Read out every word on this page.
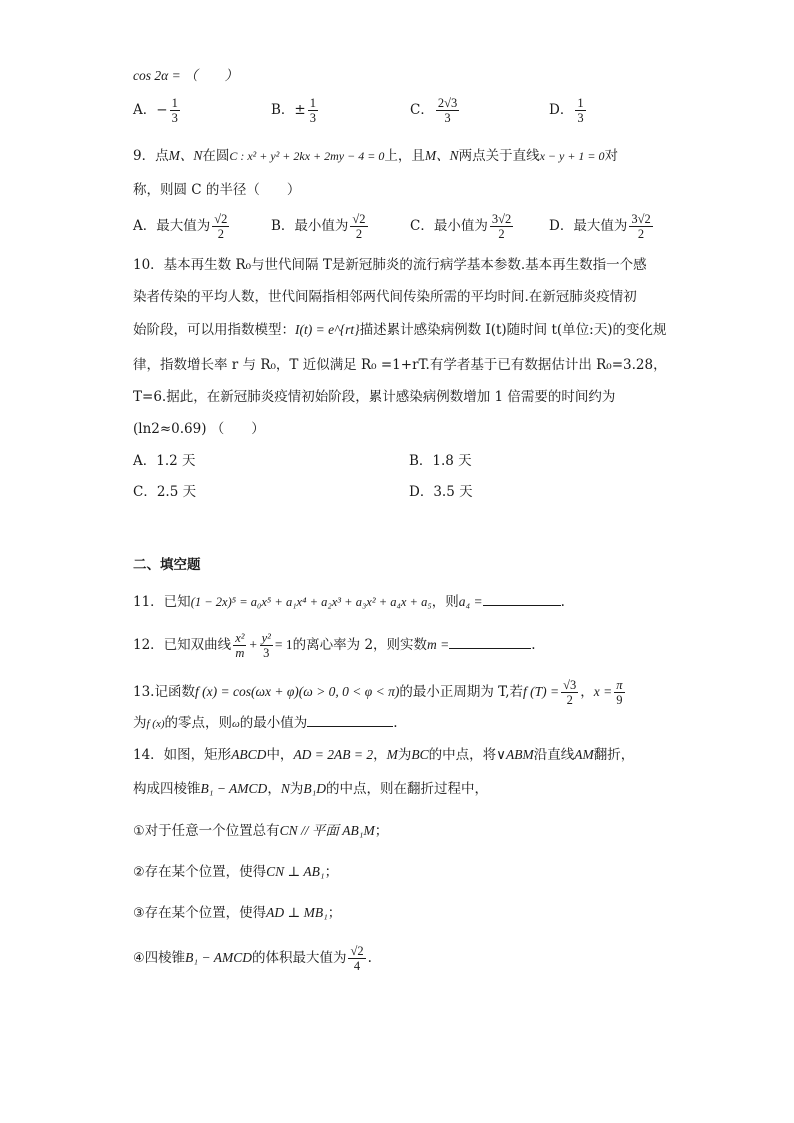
cos 2α = （　　）
A．− $\frac{1}{3}$	B．± $\frac{1}{3}$	C． $\frac{2√3}{3}$	D． $\frac{1}{3}$
9．点M、N在圆C : x² + y² + 2kx + 2my − 4 = 0上，且M、N两点关于直线x − y + 1 = 0对
称，则圆 C 的半径（　　）
A．最大值为 $\frac{√2}{2}$	B．最小值为 $\frac{√2}{2}$	C．最小值为 $\frac{3√2}{2}$	D．最大值为 $\frac{3√2}{2}$
10．基本再生数 R₀与世代间隔 T是新冠肺炎的流行病学基本参数.基本再生数指一个感
染者传染的平均人数，世代间隔指相邻两代间传染所需的平均时间.在新冠肺炎疫情初
始阶段，可以用指数模型：I(t) = e^{rt}描述累计感染病例数 I(t)随时间 t(单位:天)的变化规
律，指数增长率 r 与 R₀，T 近似满足 R₀ =1+rT.有学者基于已有数据估计出 R₀=3.28，
T=6.据此，在新冠肺炎疫情初始阶段，累计感染病例数增加 1 倍需要的时间约为
(ln2≈0.69) （　　）
A．1.2 天	B．1.8 天
C．2.5 天	D．3.5 天
二、填空题
11．已知(1 − 2x)⁵ = a₀x⁵ + a₁x⁴ + a₂x³ + a₃x² + a₄x + a₅，则a₄ =	.
12．已知双曲线 $\frac{\text{x²}}{m} + \frac{\text{y²}}{3} = 1$的离心率为 2，则实数m =	.
13.记函数f (x) = cos(ωx + φ)(ω > 0, 0 < φ < π)的最小正周期为 T,若f $(T) = \frac{√3}{2}$ ，$x = \frac{\pi}{9}$
为f (x)的零点，则ω的最小值为	.
14．如图，矩形ABCD中，AD = 2AB = 2，M为BC的中点，将∨ABM沿直线AM翻折，
构成四棱锥B₁ − AMCD，N为B₁D的中点，则在翻折过程中，
①对于任意一个位置总有CN // 平面 AB₁M；
②存在某个位置，使得CN ⊥ AB₁；
③存在某个位置，使得AD ⊥ MB₁；
④四棱锥B₁ − AMCD的体积最大值为 $\frac{√2}{4}$ .
